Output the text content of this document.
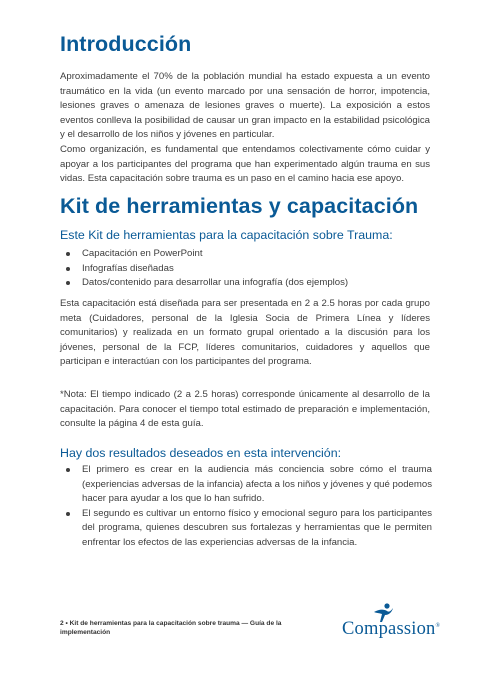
Introducción

Aproximadamente el 70% de la población mundial ha estado expuesta a un evento traumático en la vida (un evento marcado por una sensación de horror, impotencia, lesiones graves o amenaza de lesiones graves o muerte). La exposición a estos eventos conlleva la posibilidad de causar un gran impacto en la estabilidad psicológica y el desarrollo de los niños y jóvenes en particular.

Como organización, es fundamental que entendamos colectivamente cómo cuidar y apoyar a los participantes del programa que han experimentado algún trauma en sus vidas. Esta capacitación sobre trauma es un paso en el camino hacia ese apoyo.

Kit de herramientas y capacitación
Este Kit de herramientas para la capacitación sobre Trauma:
Capacitación en PowerPoint
Infografías diseñadas
Datos/contenido para desarrollar una infografía (dos ejemplos)

Esta capacitación está diseñada para ser presentada en 2 a 2.5 horas por cada grupo meta (Cuidadores, personal de la Iglesia Socia de Primera Línea y líderes comunitarios) y realizada en un formato grupal orientado a la discusión para los jóvenes, personal de la FCP, líderes comunitarios, cuidadores y aquellos que participan e interactúan con los participantes del programa.

*Nota: El tiempo indicado (2 a 2.5 horas) corresponde únicamente al desarrollo de la capacitación. Para conocer el tiempo total estimado de preparación e implementación, consulte la página 4 de esta guía.

Hay dos resultados deseados en esta intervención:
El primero es crear en la audiencia más conciencia sobre cómo el trauma (experiencias adversas de la infancia) afecta a los niños y jóvenes y qué podemos hacer para ayudar a los que lo han sufrido.
El segundo es cultivar un entorno físico y emocional seguro para los participantes del programa, quienes descubren sus fortalezas y herramientas que le permiten enfrentar los efectos de las experiencias adversas de la infancia.

2 • Kit de herramientas para la capacitación sobre trauma — Guía de la implementación	Compassion®
